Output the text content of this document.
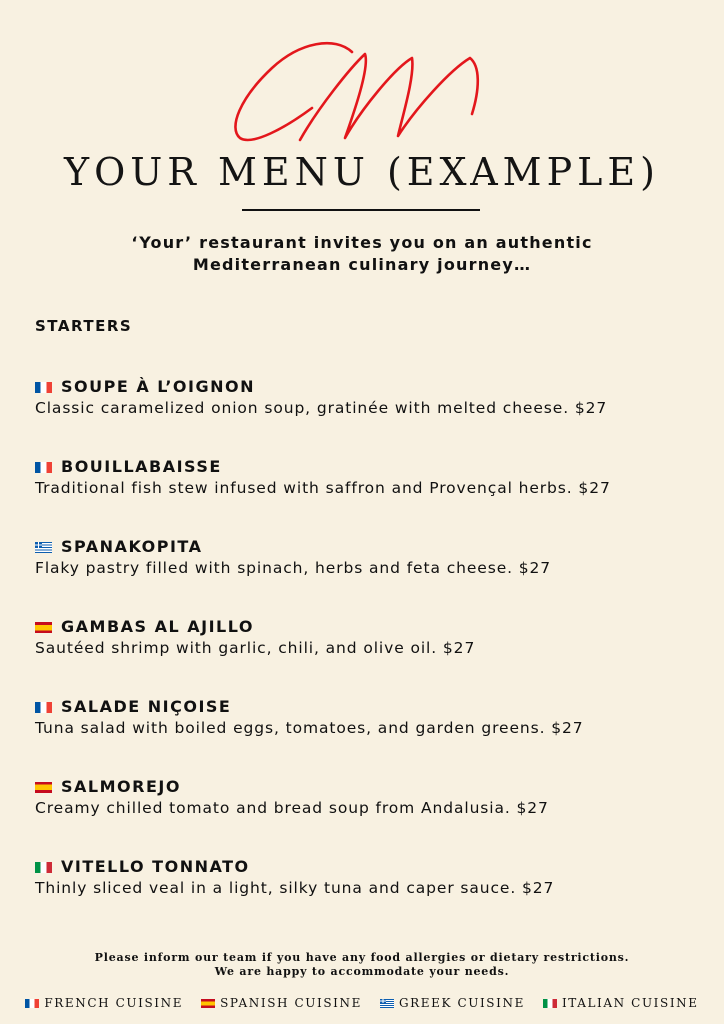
YOUR MENU (EXAMPLE)
‘Your’ restaurant invites you on an authentic
Mediterranean culinary journey…
STARTERS
SOUPE À L’OIGNON
Classic caramelized onion soup, gratinée with melted cheese. $27
BOUILLABAISSE
Traditional fish stew infused with saffron and Provençal herbs. $27
SPANAKOPITA
Flaky pastry filled with spinach, herbs and feta cheese. $27
GAMBAS AL AJILLO
Sautéed shrimp with garlic, chili, and olive oil. $27
SALADE NIÇOISE
Tuna salad with boiled eggs, tomatoes, and garden greens. $27
SALMOREJO
Creamy chilled tomato and bread soup from Andalusia. $27
VITELLO TONNATO
Thinly sliced veal in a light, silky tuna and caper sauce. $27
Please inform our team if you have any food allergies or dietary restrictions.
We are happy to accommodate your needs.
FRENCH CUISINE	SPANISH CUISINE	GREEK CUISINE	ITALIAN CUISINE
